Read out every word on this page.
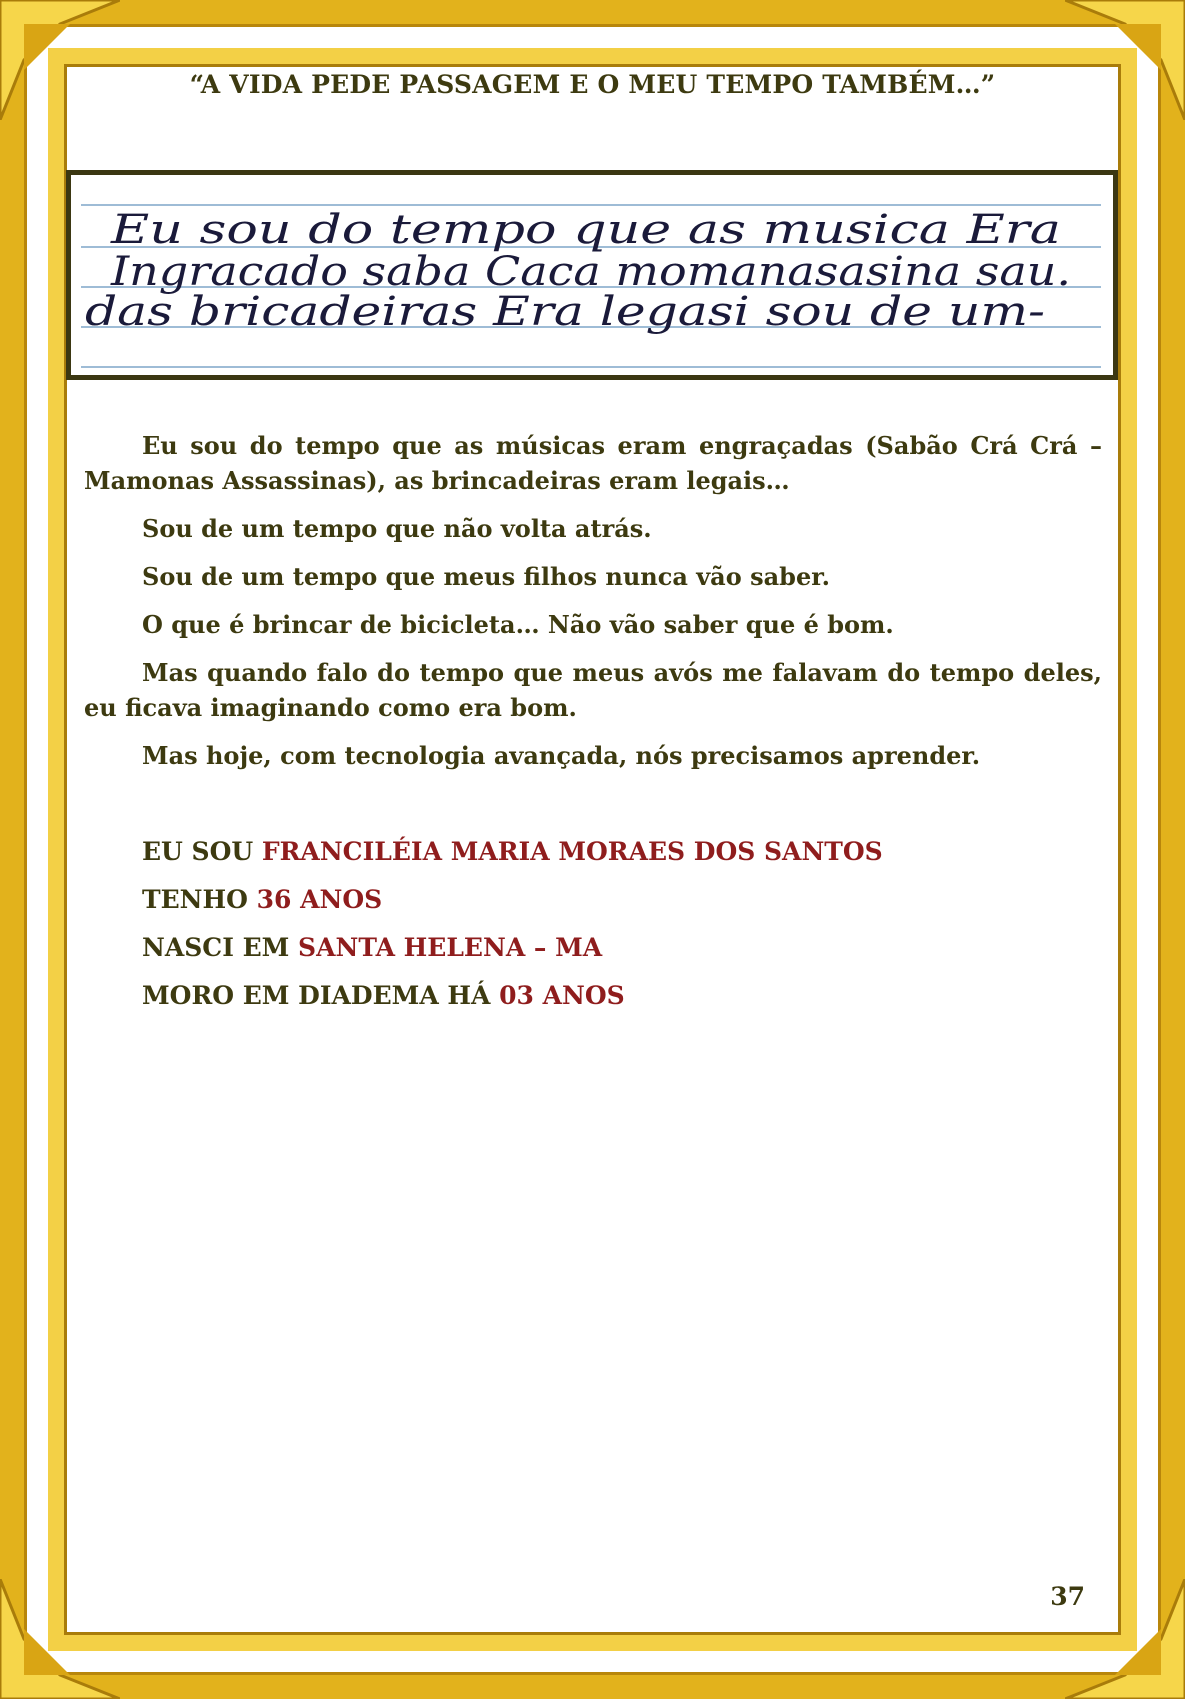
“A VIDA PEDE PASSAGEM E O MEU TEMPO TAMBÉM…”
Eu sou do tempo que as musica Era
Ingracado saba Caca momanasasina sau.
das bricadeiras Era legasi sou de um-

Eu sou do tempo que as músicas eram engraçadas (Sabão Crá Crá – Mamonas Assassinas), as brincadeiras eram legais…

Sou de um tempo que não volta atrás.

Sou de um tempo que meus filhos nunca vão saber.

O que é brincar de bicicleta… Não vão saber que é bom.

Mas quando falo do tempo que meus avós me falavam do tempo deles, eu ficava imaginando como era bom.

Mas hoje, com tecnologia avançada, nós precisamos aprender.

EU SOU FRANCILÉIA MARIA MORAES DOS SANTOS
TENHO 36 ANOS
NASCI EM SANTA HELENA – MA
MORO EM DIADEMA HÁ 03 ANOS
37
